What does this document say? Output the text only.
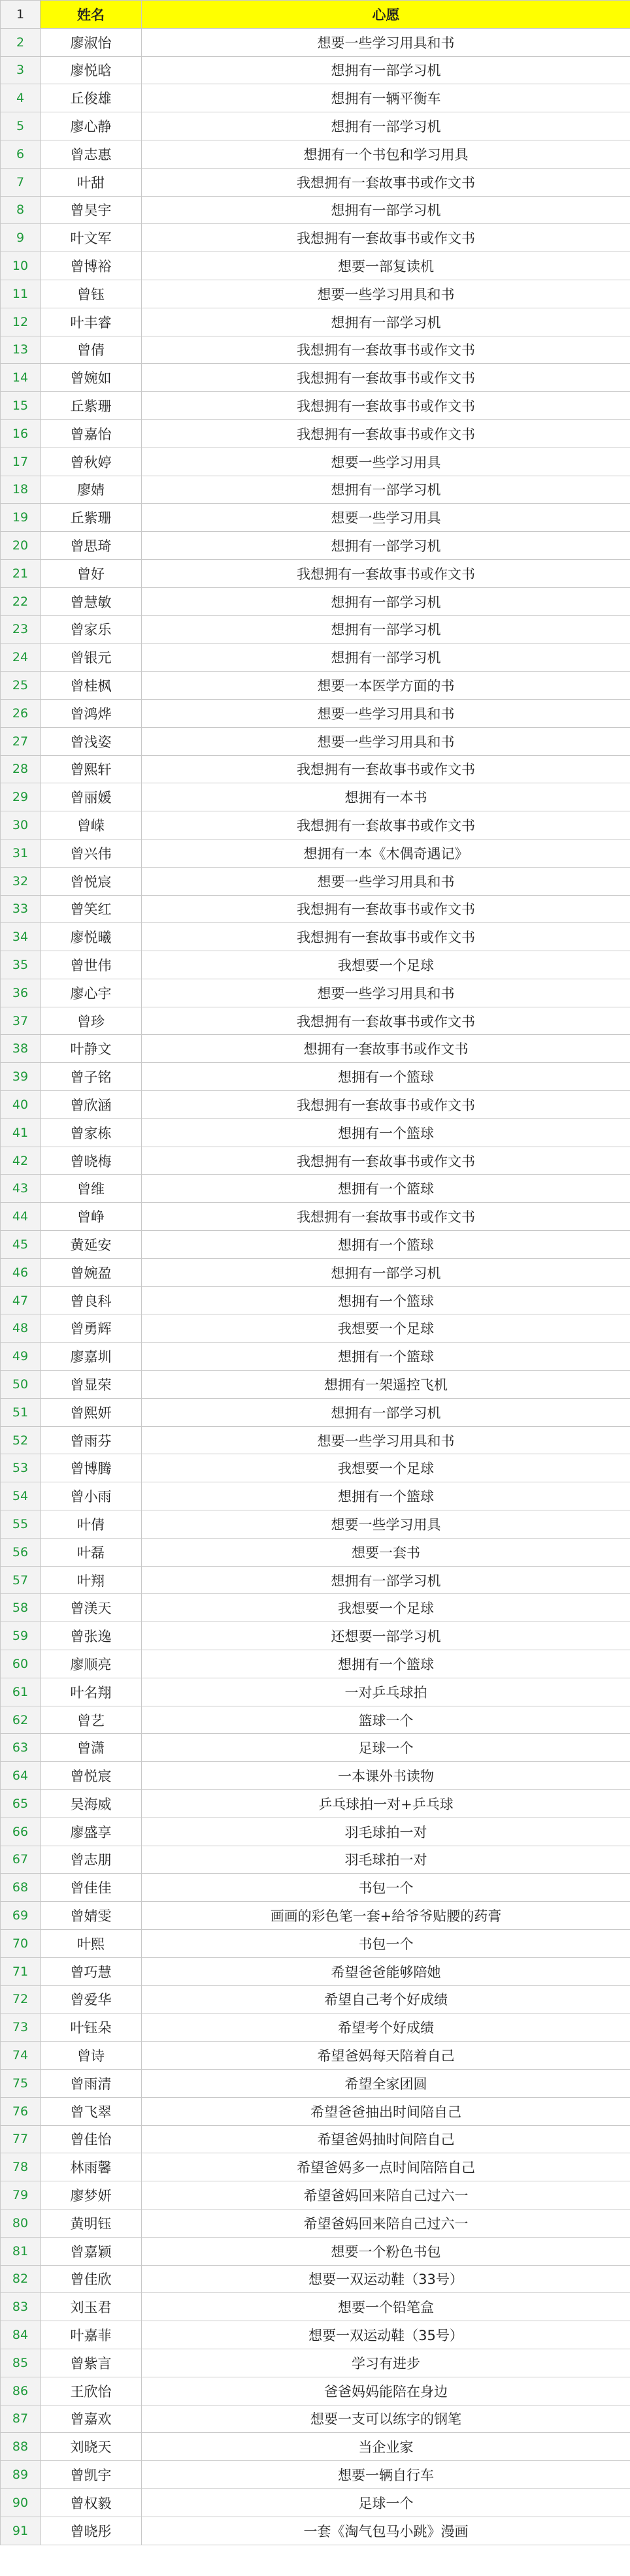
1	姓名	心愿
2	廖淑怡	想要一些学习用具和书
3	廖悦晗	想拥有一部学习机
4	丘俊雄	想拥有一辆平衡车
5	廖心静	想拥有一部学习机
6	曾志惠	想拥有一个书包和学习用具
7	叶甜	我想拥有一套故事书或作文书
8	曾昊宇	想拥有一部学习机
9	叶文军	我想拥有一套故事书或作文书
10	曾博裕	想要一部复读机
11	曾钰	想要一些学习用具和书
12	叶丰睿	想拥有一部学习机
13	曾倩	我想拥有一套故事书或作文书
14	曾婉如	我想拥有一套故事书或作文书
15	丘紫珊	我想拥有一套故事书或作文书
16	曾嘉怡	我想拥有一套故事书或作文书
17	曾秋婷	想要一些学习用具
18	廖婧	想拥有一部学习机
19	丘紫珊	想要一些学习用具
20	曾思琦	想拥有一部学习机
21	曾好	我想拥有一套故事书或作文书
22	曾慧敏	想拥有一部学习机
23	曾家乐	想拥有一部学习机
24	曾银元	想拥有一部学习机
25	曾桂枫	想要一本医学方面的书
26	曾鸿烨	想要一些学习用具和书
27	曾浅姿	想要一些学习用具和书
28	曾熙轩	我想拥有一套故事书或作文书
29	曾丽媛	想拥有一本书
30	曾嵘	我想拥有一套故事书或作文书
31	曾兴伟	想拥有一本《木偶奇遇记》
32	曾悦宸	想要一些学习用具和书
33	曾笑红	我想拥有一套故事书或作文书
34	廖悦曦	我想拥有一套故事书或作文书
35	曾世伟	我想要一个足球
36	廖心宇	想要一些学习用具和书
37	曾珍	我想拥有一套故事书或作文书
38	叶静文	想拥有一套故事书或作文书
39	曾子铭	想拥有一个篮球
40	曾欣涵	我想拥有一套故事书或作文书
41	曾家栋	想拥有一个篮球
42	曾晓梅	我想拥有一套故事书或作文书
43	曾维	想拥有一个篮球
44	曾峥	我想拥有一套故事书或作文书
45	黄延安	想拥有一个篮球
46	曾婉盈	想拥有一部学习机
47	曾良科	想拥有一个篮球
48	曾勇辉	我想要一个足球
49	廖嘉圳	想拥有一个篮球
50	曾显荣	想拥有一架遥控飞机
51	曾熙妍	想拥有一部学习机
52	曾雨芬	想要一些学习用具和书
53	曾博腾	我想要一个足球
54	曾小雨	想拥有一个篮球
55	叶倩	想要一些学习用具
56	叶磊	想要一套书
57	叶翔	想拥有一部学习机
58	曾渼天	我想要一个足球
59	曾张逸	还想要一部学习机
60	廖顺亮	想拥有一个篮球
61	叶名翔	一对乒乓球拍
62	曾艺	篮球一个
63	曾潇	足球一个
64	曾悦宸	一本课外书读物
65	吴海威	乒乓球拍一对+乒乓球
66	廖盛享	羽毛球拍一对
67	曾志朋	羽毛球拍一对
68	曾佳佳	书包一个
69	曾婧雯	画画的彩色笔一套+给爷爷贴腰的药膏
70	叶熙	书包一个
71	曾巧慧	希望爸爸能够陪她
72	曾爱华	希望自己考个好成绩
73	叶钰朵	希望考个好成绩
74	曾诗	希望爸妈每天陪着自己
75	曾雨清	希望全家团圆
76	曾飞翠	希望爸爸抽出时间陪自己
77	曾佳怡	希望爸妈抽时间陪自己
78	林雨馨	希望爸妈多一点时间陪陪自己
79	廖梦妍	希望爸妈回来陪自己过六一
80	黄明钰	希望爸妈回来陪自己过六一
81	曾嘉颖	想要一个粉色书包
82	曾佳欣	想要一双运动鞋（33号）
83	刘玉君	想要一个铅笔盒
84	叶嘉菲	想要一双运动鞋（35号）
85	曾紫言	学习有进步
86	王欣怡	爸爸妈妈能陪在身边
87	曾嘉欢	想要一支可以练字的钢笔
88	刘晓天	当企业家
89	曾凯宇	想要一辆自行车
90	曾权毅	足球一个
91	曾晓彤	一套《淘气包马小跳》漫画
